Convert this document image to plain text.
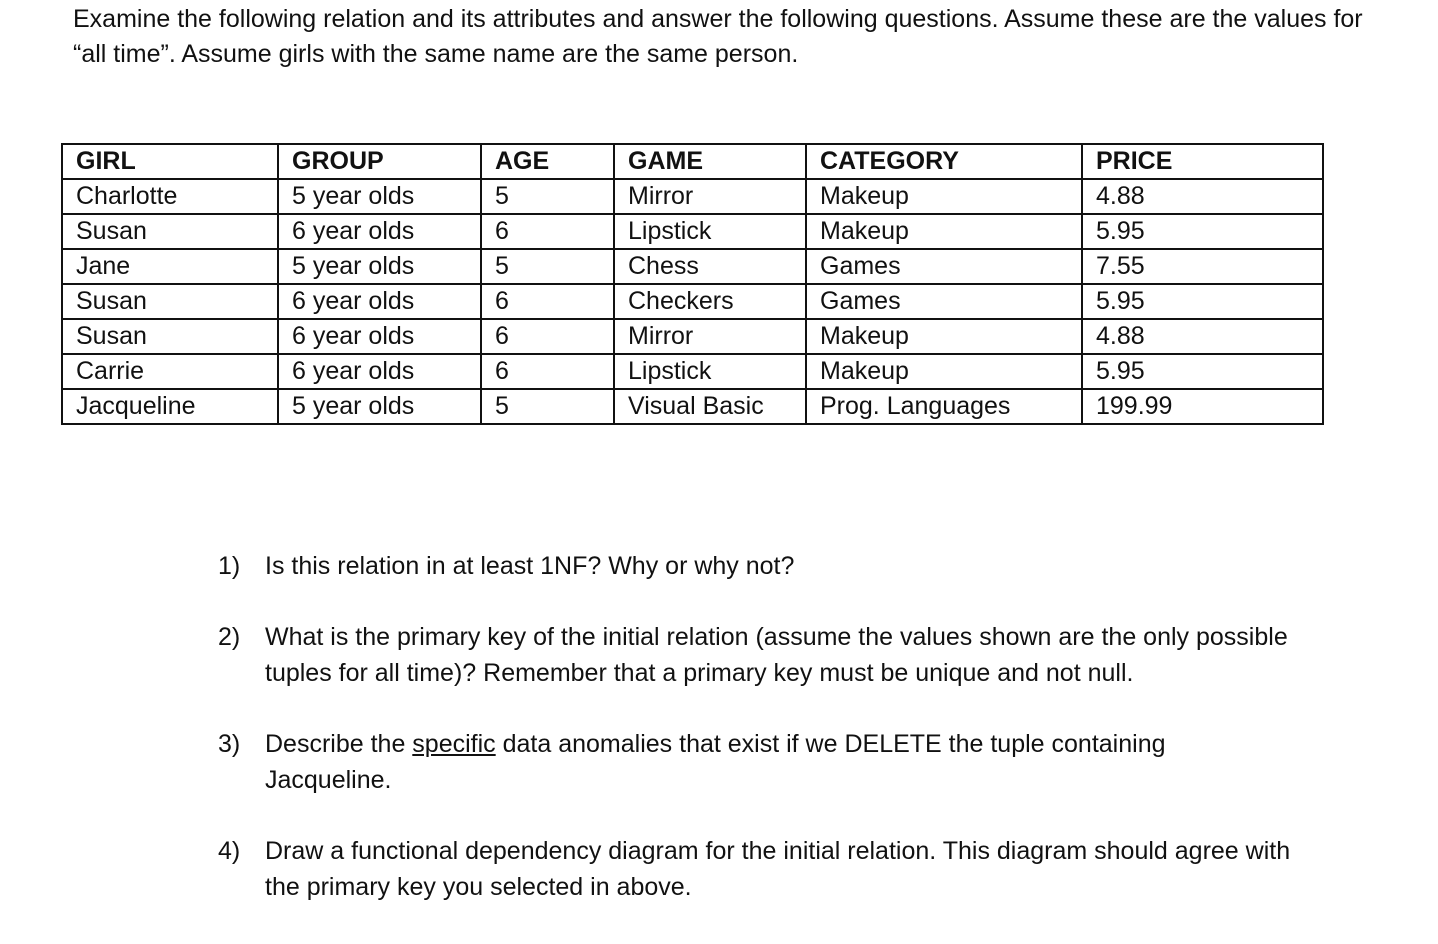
Examine the following relation and its attributes and answer the following questions. Assume these are the values for “all time”. Assume girls with the same name are the same person.

GIRL	GROUP	AGE	GAME	CATEGORY	PRICE
Charlotte	5 year olds	5	Mirror	Makeup	4.88
Susan	6 year olds	6	Lipstick	Makeup	5.95
Jane	5 year olds	5	Chess	Games	7.55
Susan	6 year olds	6	Checkers	Games	5.95
Susan	6 year olds	6	Mirror	Makeup	4.88
Carrie	6 year olds	6	Lipstick	Makeup	5.95
Jacqueline	5 year olds	5	Visual Basic	Prog. Languages	199.99
1) Is this relation in at least 1NF? Why or why not?
2) What is the primary key of the initial relation (assume the values shown are the only possible tuples for all time)? Remember that a primary key must be unique and not null.
3) Describe the specific data anomalies that exist if we DELETE the tuple containing Jacqueline.
4) Draw a functional dependency diagram for the initial relation. This diagram should agree with the primary key you selected in above.
